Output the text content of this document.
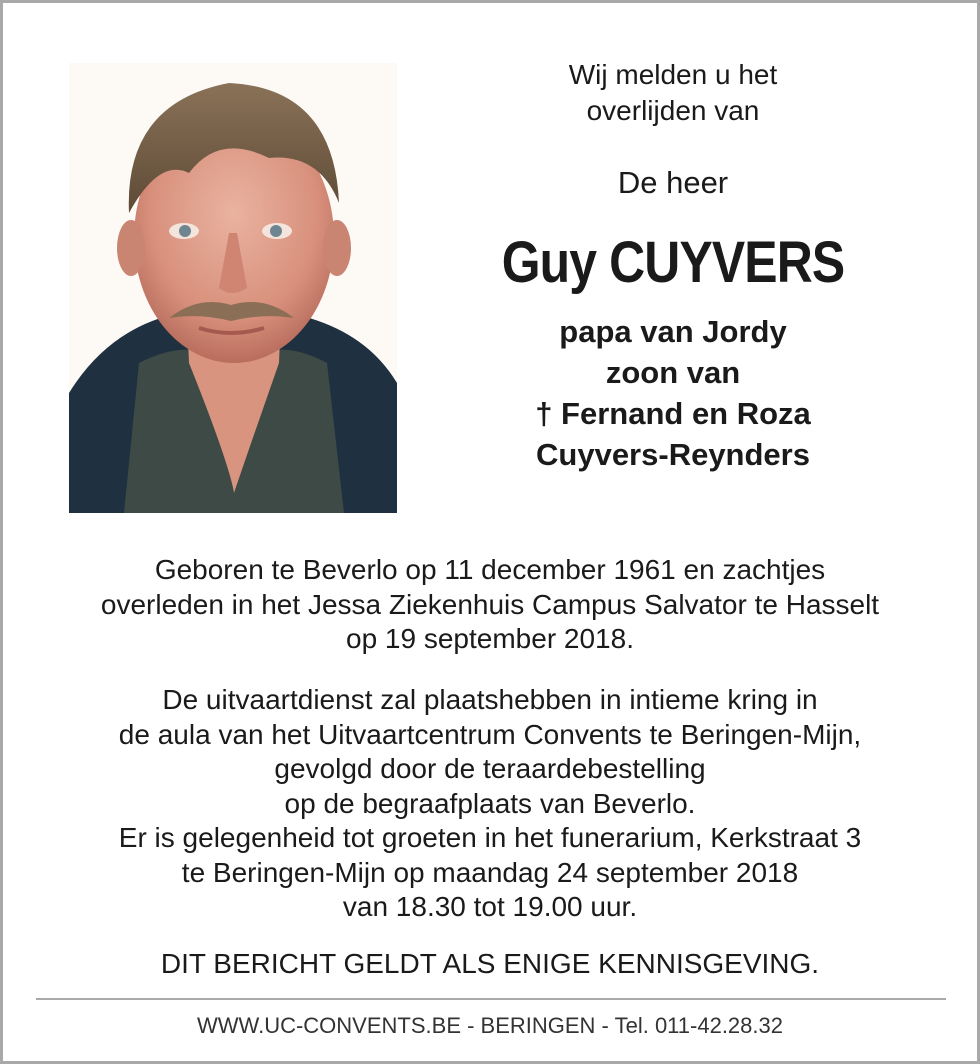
Wij melden u het
overlijden van
De heer
Guy CUYVERS
papa van Jordy
zoon van
† Fernand en Roza
Cuyvers-Reynders
Geboren te Beverlo op 11 december 1961 en zachtjes
overleden in het Jessa Ziekenhuis Campus Salvator te Hasselt
op 19 september 2018.
De uitvaartdienst zal plaatshebben in intieme kring in
de aula van het Uitvaartcentrum Convents te Beringen-Mijn,
gevolgd door de teraardebestelling
op de begraafplaats van Beverlo.
Er is gelegenheid tot groeten in het funerarium, Kerkstraat 3
te Beringen-Mijn op maandag 24 september 2018
van 18.30 tot 19.00 uur.
DIT BERICHT GELDT ALS ENIGE KENNISGEVING.
WWW.UC-CONVENTS.BE - BERINGEN - Tel. 011-42.28.32
